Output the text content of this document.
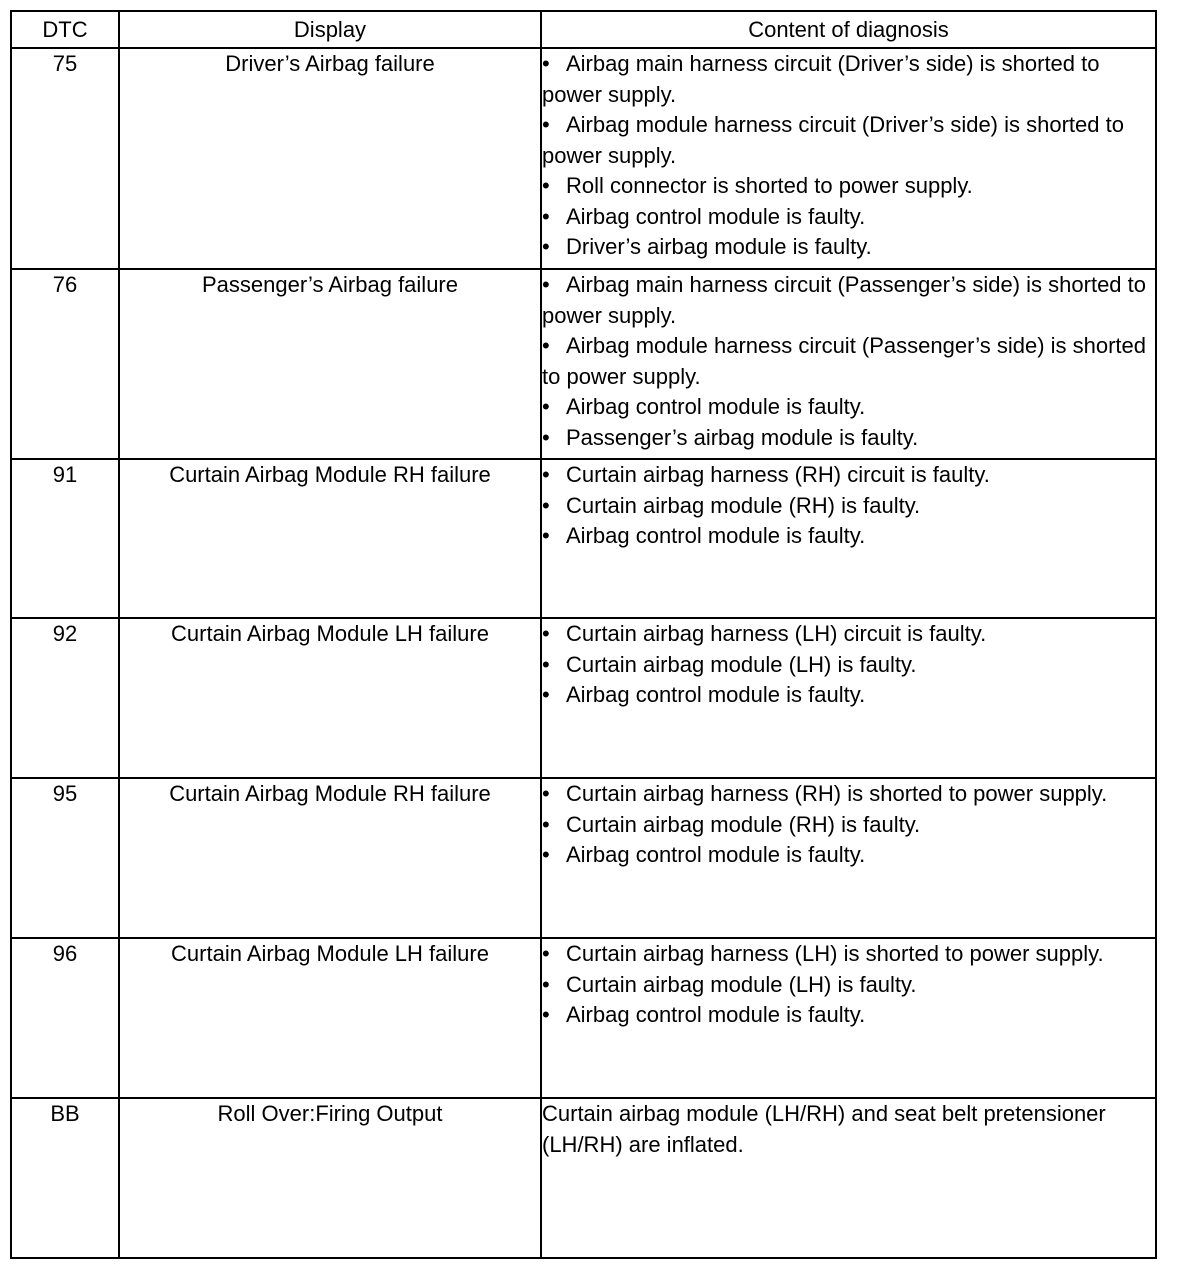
DTC	Display	Content of diagnosis
75	Driver’s Airbag failure	• Airbag main harness circuit (Driver’s side) is shorted to power supply.
• Airbag module harness circuit (Driver’s side) is shorted to power supply.
• Roll connector is shorted to power supply.
• Airbag control module is faulty.
• Driver’s airbag module is faulty.

76	Passenger’s Airbag failure	• Airbag main harness circuit (Passenger’s side) is shorted to power supply.
• Airbag module harness circuit (Passenger’s side) is shorted to power supply.
• Airbag control module is faulty.
• Passenger’s airbag module is faulty.

91	Curtain Airbag Module RH failure	• Curtain airbag harness (RH) circuit is faulty.
• Curtain airbag module (RH) is faulty.
• Airbag control module is faulty.

92	Curtain Airbag Module LH failure	• Curtain airbag harness (LH) circuit is faulty.
• Curtain airbag module (LH) is faulty.
• Airbag control module is faulty.

95	Curtain Airbag Module RH failure	• Curtain airbag harness (RH) is shorted to power supply.
• Curtain airbag module (RH) is faulty.
• Airbag control module is faulty.

96	Curtain Airbag Module LH failure	• Curtain airbag harness (LH) is shorted to power supply.
• Curtain airbag module (LH) is faulty.
• Airbag control module is faulty.

BB	Roll Over:Firing Output	Curtain airbag module (LH/RH) and seat belt pretensioner (LH/RH) are inflated.
